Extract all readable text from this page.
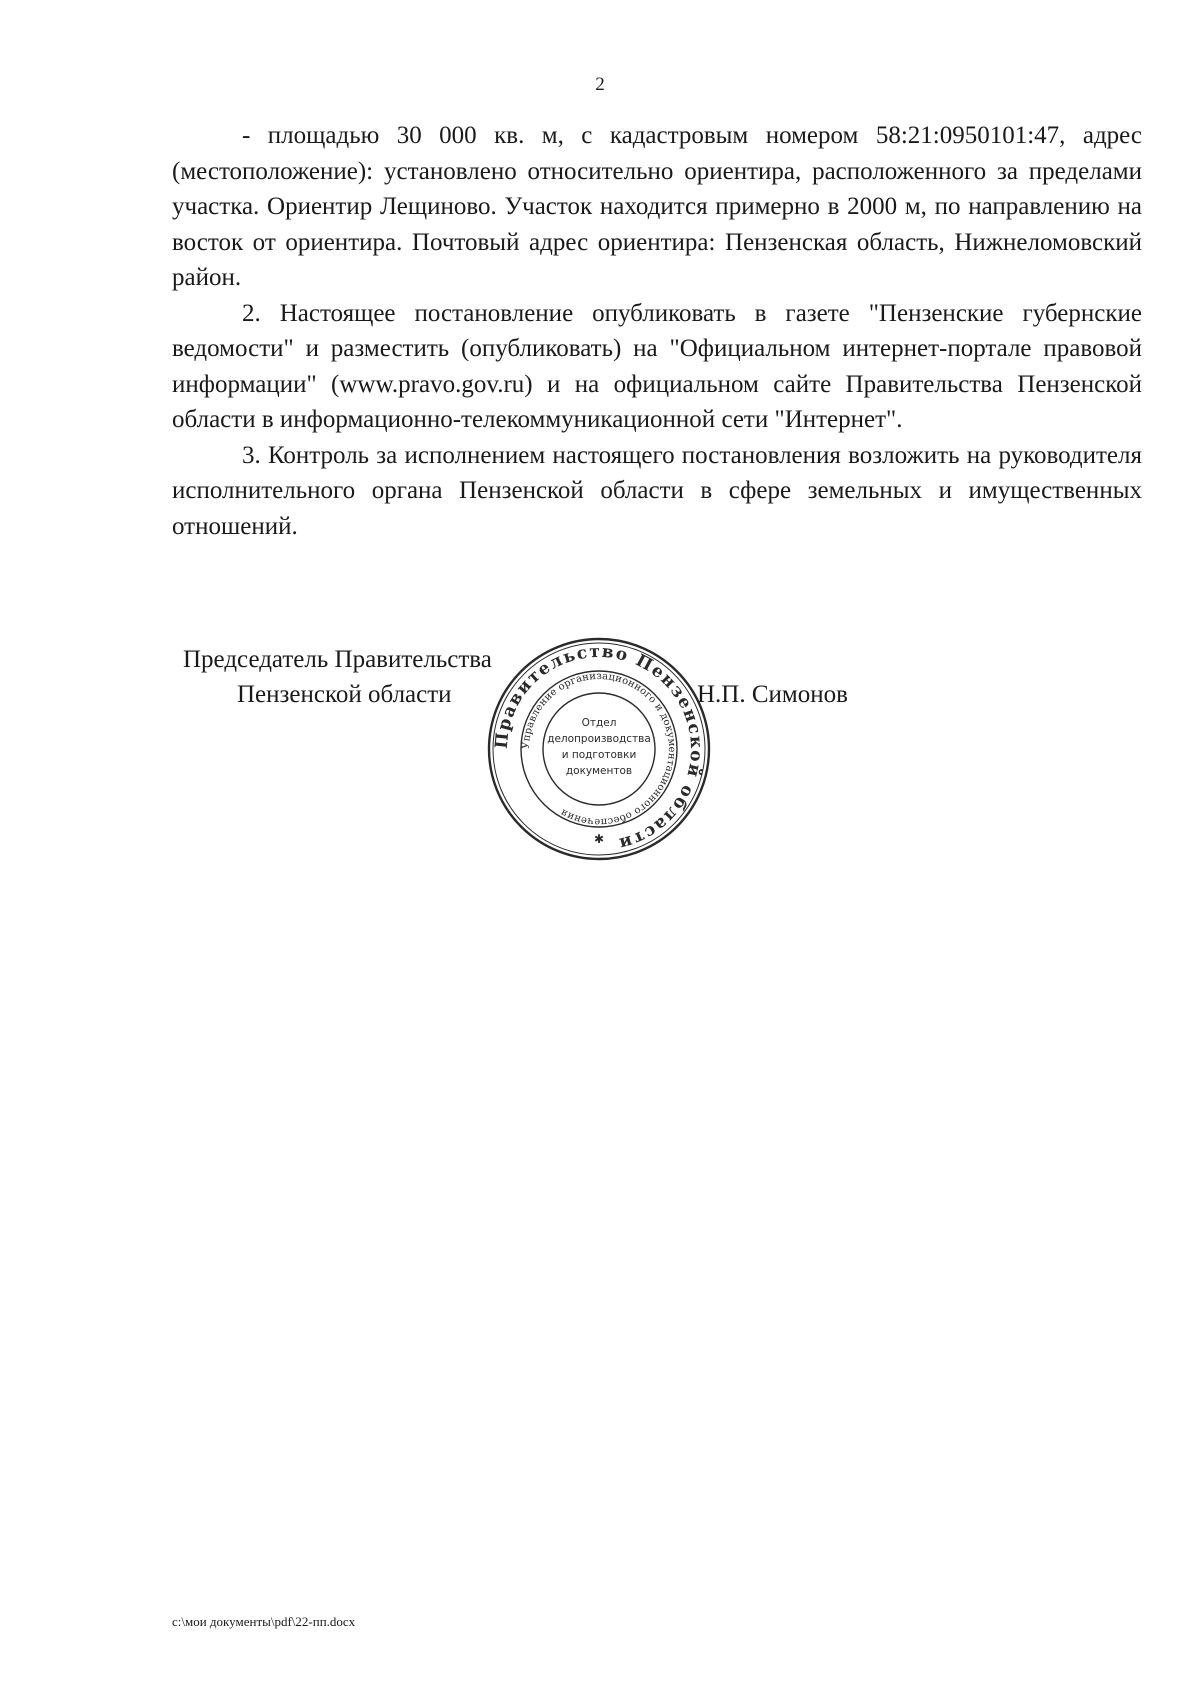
2

- площадью 30 000 кв. м, с кадастровым номером 58:21:0950101:47, адрес (местоположение): установлено относительно ориентира, расположенного за пределами участка. Ориентир Лещиново. Участок находится примерно в 2000 м, по направлению на восток от ориентира. Почтовый адрес ориентира: Пензенская область, Нижнеломовский район.

2. Настоящее постановление опубликовать в газете "Пензенские губернские ведомости" и разместить (опубликовать) на "Официальном интернет-портале правовой информации" (www.pravo.gov.ru) и на официальном сайте Правительства Пензенской области в информационно-телекоммуникационной сети "Интернет".

3. Контроль за исполнением настоящего постановления возложить на руководителя исполнительного органа Пензенской области в сфере земельных и имущественных отношений.

Председатель Правительства
Пензенской области	Н.П. Симонов
Правительство Пензенской области
Управление организационного и документационного обеспечения
Отдел
делопроизводства
и подготовки
документов
✱
c:\мои документы\pdf\22-пп.docx
